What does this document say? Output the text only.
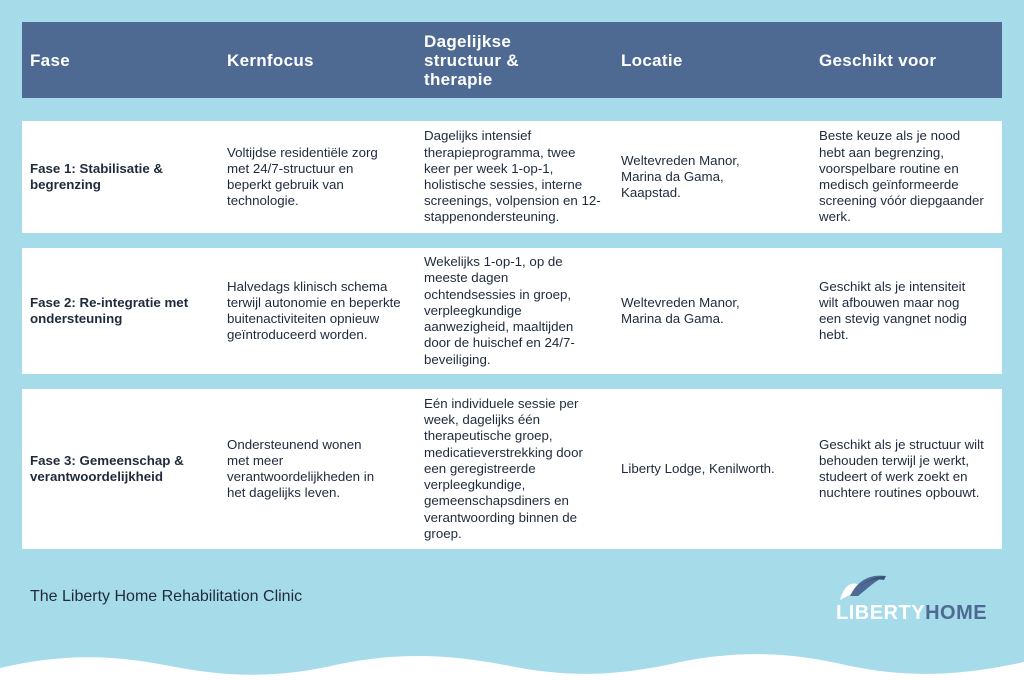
Fase	Kernfocus
Dagelijkse structuur & therapie
Locatie	Geschikt voor
Fase 1: Stabilisatie & begrenzing
Voltijdse residentiële zorg met 24/7-structuur en beperkt gebruik van technologie.
Dagelijks intensief therapieprogramma, twee keer per week 1-op-1, holistische sessies, interne screenings, volpension en 12-stappenondersteuning.
Weltevreden Manor, Marina da Gama, Kaapstad.
Beste keuze als je nood hebt aan begrenzing, voorspelbare routine en medisch geïnformeerde screening vóór diepgaander werk.
Fase 2: Re-integratie met ondersteuning
Halvedags klinisch schema terwijl autonomie en beperkte buitenactiviteiten opnieuw geïntroduceerd worden.
Wekelijks 1-op-1, op de meeste dagen ochtendsessies in groep, verpleegkundige aanwezigheid, maaltijden door de huischef en 24/7-beveiliging.
Weltevreden Manor, Marina da Gama.
Geschikt als je intensiteit wilt afbouwen maar nog een stevig vangnet nodig hebt.
Fase 3: Gemeenschap & verantwoordelijkheid
Ondersteunend wonen met meer verantwoordelijkheden in het dagelijks leven.
Eén individuele sessie per week, dagelijks één therapeutische groep, medicatieverstrekking door een geregistreerde verpleegkundige, gemeenschapsdiners en verantwoording binnen de groep.
Liberty Lodge, Kenilworth.
Geschikt als je structuur wilt behouden terwijl je werkt, studeert of werk zoekt en nuchtere routines opbouwt.
The Liberty Home Rehabilitation Clinic
LIBERTYHOME
